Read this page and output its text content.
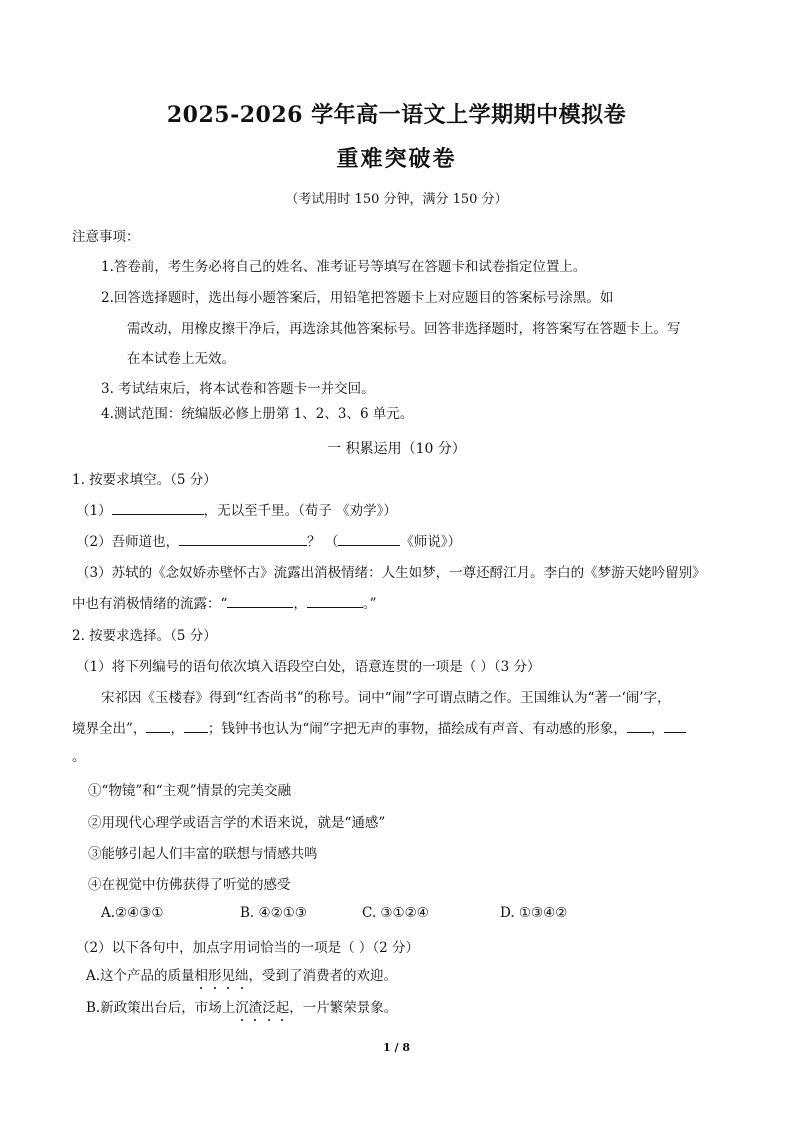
2025-2026 学年高一语文上学期期中模拟卷
重难突破卷
（考试用时 150 分钟，满分 150 分）
注意事项：
1.答卷前，考生务必将自己的姓名、准考证号等填写在答题卡和试卷指定位置上。
2.回答选择题时，选出每小题答案后，用铅笔把答题卡上对应题目的答案标号涂黑。如
需改动，用橡皮擦干净后，再选涂其他答案标号。回答非选择题时，将答案写在答题卡上。写
在本试卷上无效。
3. 考试结束后，将本试卷和答题卡一并交回。
4.测试范围：统编版必修上册第 1、2、3、6 单元。
一 积累运用（10 分）
1. 按要求填空。（5 分）
（1）	，无以至千里。（荀子 《劝学》）
（2）吾师道也，	？ （	《师说》）
（3）苏轼的《念奴娇赤壁怀古》流露出消极情绪：人生如梦，一尊还酹江月。李白的《梦游天姥吟留别》
中也有消极情绪的流露：“	，	。”
2. 按要求选择。（5 分）
（1）将下列编号的语句依次填入语段空白处，语意连贯的一项是（ ）（3 分）
宋祁因《玉楼春》得到“红杏尚书”的称号。词中“闹”字可谓点睛之作。王国维认为“著一‘闹’字，
境界全出”， ， ；钱钟书也认为“闹”字把无声的事物，描绘成有声音、有动感的形象， ，
。
①“物镜”和“主观”情景的完美交融
②用现代心理学或语言学的术语来说，就是“通感”
③能够引起人们丰富的联想与情感共鸣
④在视觉中仿佛获得了听觉的感受
A.②④③①	B. ④②①③	C. ③①②④	D. ①③④②
（2）以下各句中，加点字用词恰当的一项是（ ）（2 分）
A.这个产品的质量相形见绌，受到了消费者的欢迎。
B.新政策出台后，市场上沉渣泛起，一片繁荣景象。
1 / 8
